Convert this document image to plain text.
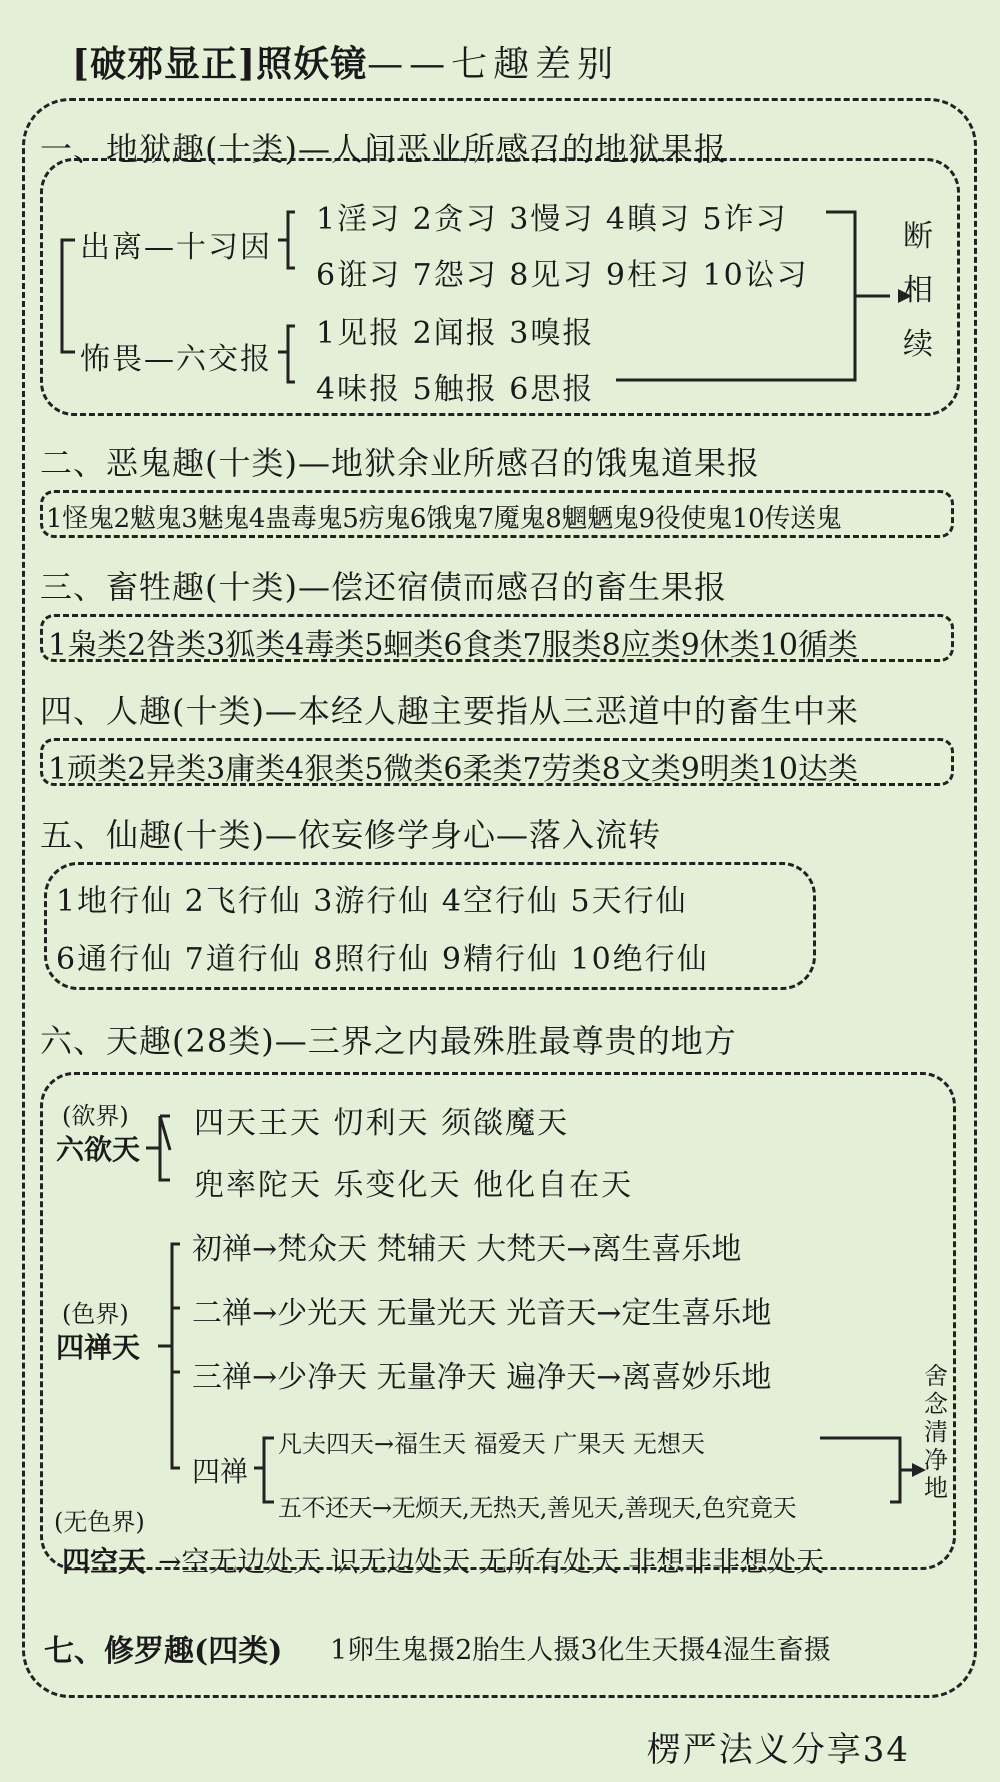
[破邪显正]照妖镜——七趣差别
一、地狱趣(十类)—人间恶业所感召的地狱果报
出离—十习因
1淫习 2贪习 3慢习 4瞋习 5诈习
6诳习 7怨习 8见习 9枉习 10讼习
怖畏—六交报
1见报 2闻报 3嗅报
4味报 5触报 6思报
断
相
续
二、恶鬼趣(十类)—地狱余业所感召的饿鬼道果报
1怪鬼2魃鬼3魅鬼4蛊毒鬼5疠鬼6饿鬼7魇鬼8魍魉鬼9役使鬼10传送鬼
三、畜牲趣(十类)—偿还宿债而感召的畜生果报
1枭类2咎类3狐类4毒类5蛔类6食类7服类8应类9休类10循类
四、人趣(十类)—本经人趣主要指从三恶道中的畜生中来
1顽类2异类3庸类4狠类5微类6柔类7劳类8文类9明类10达类
五、仙趣(十类)—依妄修学身心—落入流转
1地行仙 2飞行仙 3游行仙 4空行仙 5天行仙
6通行仙 7道行仙 8照行仙 9精行仙 10绝行仙
六、天趣(28类)—三界之内最殊胜最尊贵的地方
(欲界)
六欲天
四天王天 忉利天 须燄魔天
兜率陀天 乐变化天 他化自在天
(色界)
四禅天
初禅→梵众天 梵辅天 大梵天→离生喜乐地
二禅→少光天 无量光天 光音天→定生喜乐地
三禅→少净天 无量净天 遍净天→离喜妙乐地
四禅
凡夫四天→福生天 福爱天 广果天 无想天
五不还天→无烦天,无热天,善见天,善现天,色究竟天
舍
念
清
净
地
(无色界)
四空天 →空无边处天 识无边处天 无所有处天 非想非非想处天
七、修罗趣(四类) 1卵生鬼摄2胎生人摄3化生天摄4湿生畜摄
楞严法义分享34
